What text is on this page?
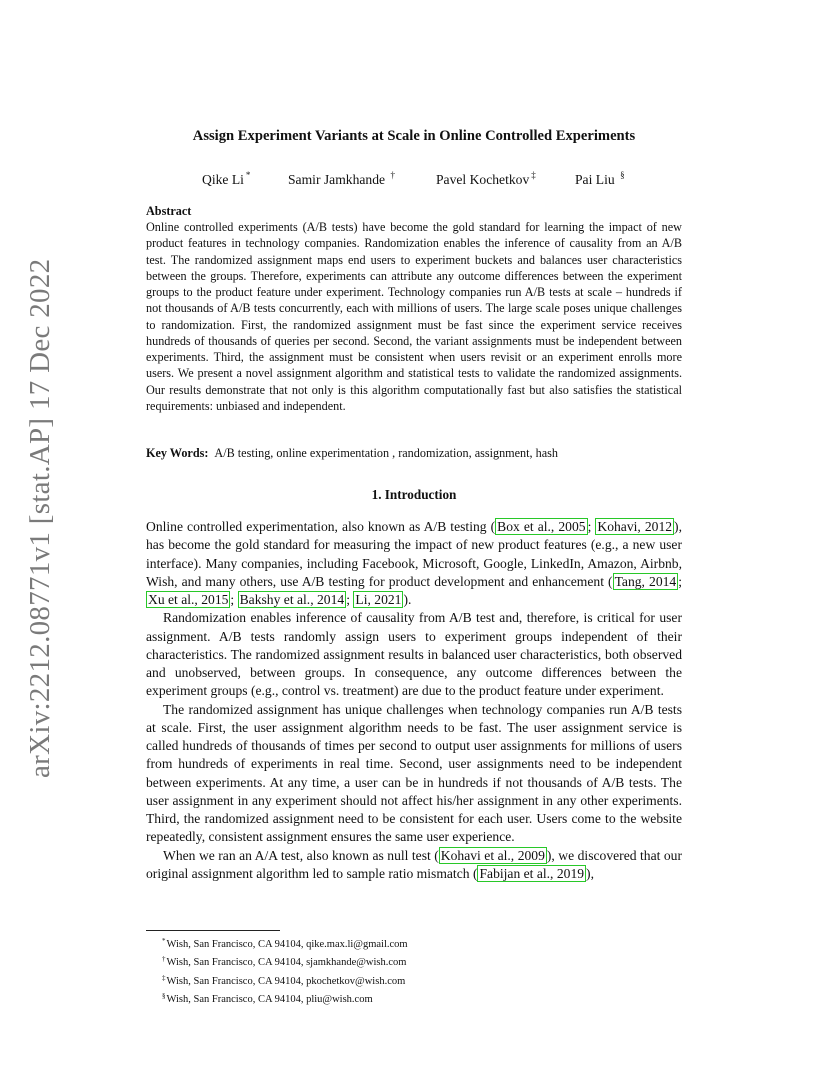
arXiv:2212.08771v1 [stat.AP] 17 Dec 2022
Assign Experiment Variants at Scale in Online Controlled Experiments
Qike Li *	Samir Jamkhande †	Pavel Kochetkov ‡	Pai Liu §
Abstract
Online controlled experiments (A/B tests) have become the gold standard for learning the impact of new product features in technology companies. Randomization enables the inference of causality from an A/B test. The randomized assignment maps end users to experiment buckets and balances user characteristics between the groups. Therefore, experiments can attribute any outcome differences between the experiment groups to the product feature under experiment. Technology companies run A/B tests at scale – hundreds if not thousands of A/B tests concurrently, each with millions of users. The large scale poses unique challenges to randomization. First, the randomized assignment must be fast since the experiment service receives hundreds of thousands of queries per second. Second, the variant assignments must be independent between experiments. Third, the assignment must be consistent when users revisit or an experiment enrolls more users. We present a novel assignment algorithm and statistical tests to validate the randomized assignments. Our results demonstrate that not only is this algorithm computationally fast but also satisfies the statistical requirements: unbiased and independent.
Key Words: A/B testing, online experimentation , randomization, assignment, hash
1. Introduction

Online controlled experimentation, also known as A/B testing ( Box et al., 2005 ; Kohavi, 2012 ), has become the gold standard for measuring the impact of new product features (e.g., a new user interface). Many companies, including Facebook, Microsoft, Google, LinkedIn, Amazon, Airbnb, Wish, and many others, use A/B testing for product development and enhancement ( Tang, 2014 ; Xu et al., 2015 ; Bakshy et al., 2014 ; Li, 2021 ).

Randomization enables inference of causality from A/B test and, therefore, is critical for user assignment. A/B tests randomly assign users to experiment groups independent of their characteristics. The randomized assignment results in balanced user characteristics, both observed and unobserved, between groups. In consequence, any outcome differences between the experiment groups (e.g., control vs. treatment) are due to the product feature under experiment.

The randomized assignment has unique challenges when technology companies run A/B tests at scale. First, the user assignment algorithm needs to be fast. The user assignment service is called hundreds of thousands of times per second to output user assignments for millions of users from hundreds of experiments in real time. Second, user assignments need to be independent between experiments. At any time, a user can be in hundreds if not thousands of A/B tests. The user assignment in any experiment should not affect his/her assignment in any other experiments. Third, the randomized assignment need to be consistent for each user. Users come to the website repeatedly, consistent assignment ensures the same user experience.

When we ran an A/A test, also known as null test ( Kohavi et al., 2009 ), we discovered that our original assignment algorithm led to sample ratio mismatch ( Fabijan et al., 2019 ),

*Wish, San Francisco, CA 94104, qike.max.li@gmail.com
†Wish, San Francisco, CA 94104, sjamkhande@wish.com
‡Wish, San Francisco, CA 94104, pkochetkov@wish.com
§Wish, San Francisco, CA 94104, pliu@wish.com
